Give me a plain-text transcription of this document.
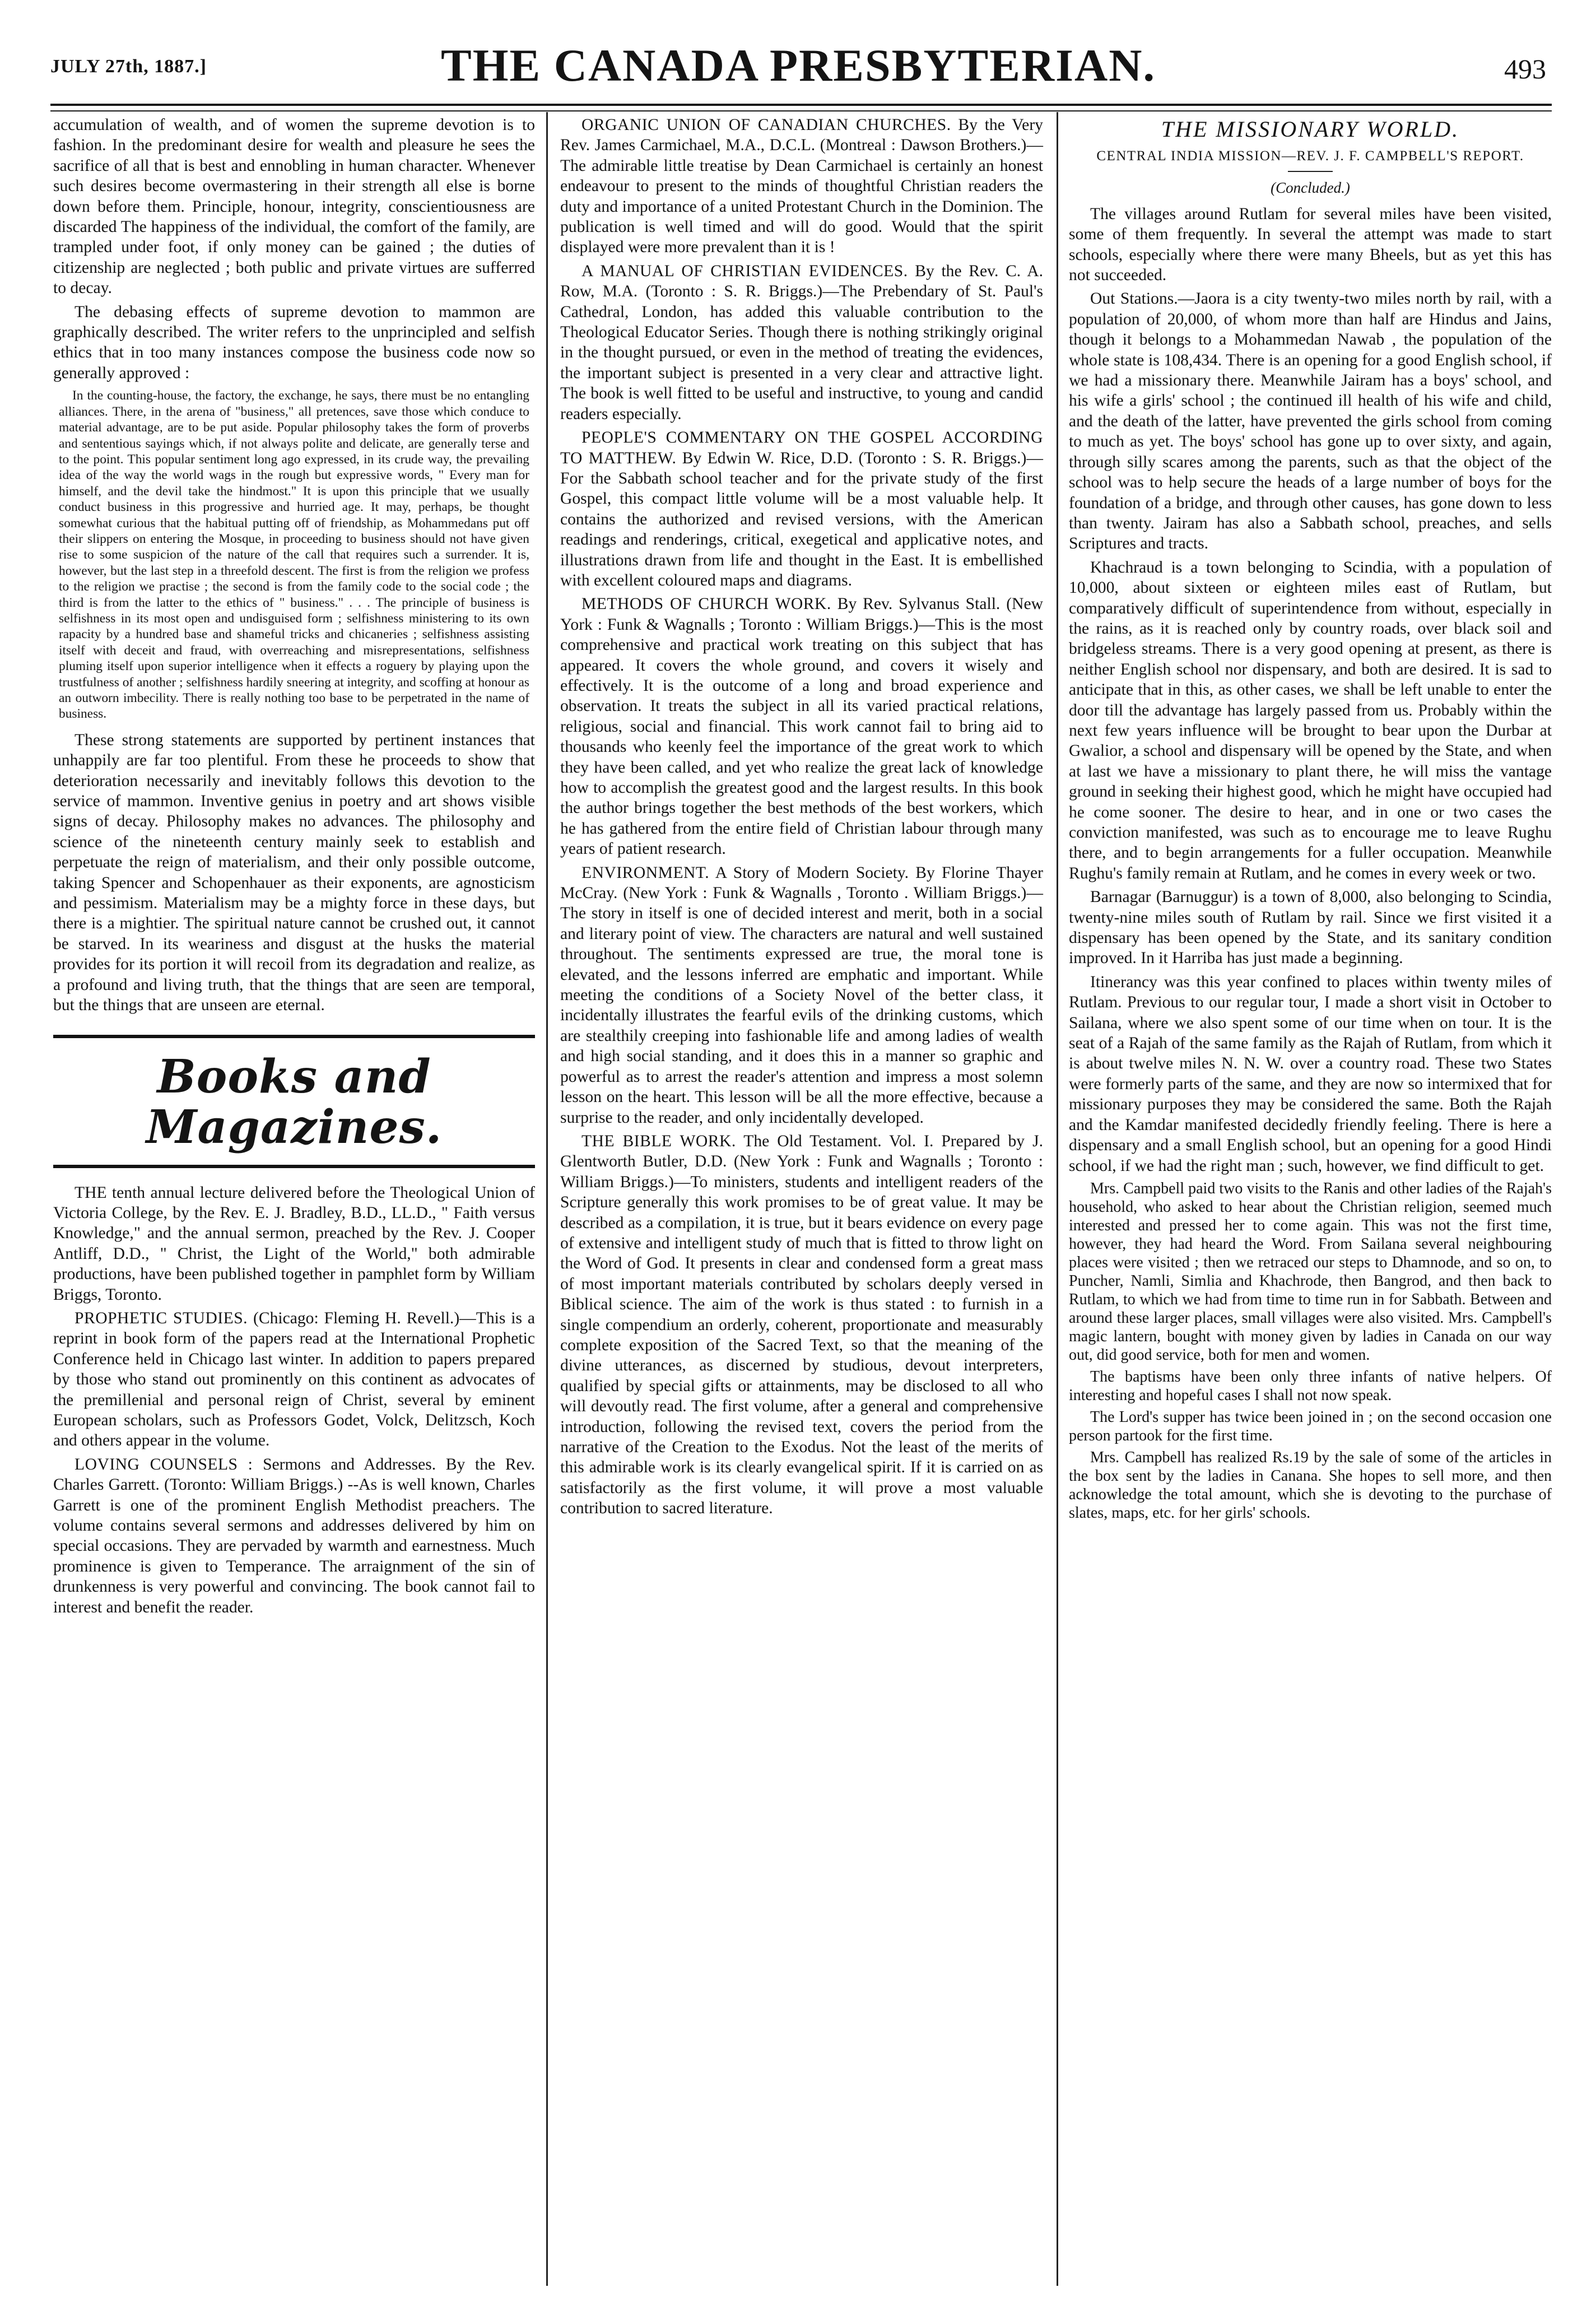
JULY 27th, 1887.]	THE CANADA PRESBYTERIAN.	493

accumulation of wealth, and of women the supreme devotion is to fashion. In the predominant desire for wealth and pleasure he sees the sacrifice of all that is best and ennobling in human character. Whenever such desires become overmastering in their strength all else is borne down before them. Principle, honour, integrity, conscientiousness are discarded The happiness of the individual, the comfort of the family, are trampled under foot, if only money can be gained ; the duties of citizenship are neglected ; both public and private virtues are sufferred to decay.

The debasing effects of supreme devotion to mammon are graphically described. The writer refers to the unprincipled and selfish ethics that in too many instances compose the business code now so generally approved :

In the counting-house, the factory, the exchange, he says, there must be no entangling alliances. There, in the arena of "business," all pretences, save those which conduce to material advantage, are to be put aside. Popular philosophy takes the form of proverbs and sententious sayings which, if not always polite and delicate, are generally terse and to the point. This popular sentiment long ago expressed, in its crude way, the prevailing idea of the way the world wags in the rough but expressive words, " Every man for himself, and the devil take the hindmost." It is upon this principle that we usually conduct business in this progressive and hurried age. It may, perhaps, be thought somewhat curious that the habitual putting off of friendship, as Mohammedans put off their slippers on entering the Mosque, in proceeding to business should not have given rise to some suspicion of the nature of the call that requires such a surrender. It is, however, but the last step in a threefold descent. The first is from the religion we profess to the religion we practise ; the second is from the family code to the social code ; the third is from the latter to the ethics of " business." . . . The principle of business is selfishness in its most open and undisguised form ; selfishness ministering to its own rapacity by a hundred base and shameful tricks and chicaneries ; selfishness assisting itself with deceit and fraud, with overreaching and misrepresentations, selfishness pluming itself upon superior intelligence when it effects a roguery by playing upon the trustfulness of another ; selfishness hardily sneering at integrity, and scoffing at honour as an outworn imbecility. There is really nothing too base to be perpetrated in the name of business.

These strong statements are supported by pertinent instances that unhappily are far too plentiful. From these he proceeds to show that deterioration necessarily and inevitably follows this devotion to the service of mammon. Inventive genius in poetry and art shows visible signs of decay. Philosophy makes no advances. The philosophy and science of the nineteenth century mainly seek to establish and perpetuate the reign of materialism, and their only possible outcome, taking Spencer and Schopenhauer as their exponents, are agnosticism and pessimism. Materialism may be a mighty force in these days, but there is a mightier. The spiritual nature cannot be crushed out, it cannot be starved. In its weariness and disgust at the husks the material provides for its portion it will recoil from its degradation and realize, as a profound and living truth, that the things that are seen are temporal, but the things that are unseen are eternal.

Books and Magazines.

THE tenth annual lecture delivered before the Theological Union of Victoria College, by the Rev. E. J. Bradley, B.D., LL.D., " Faith versus Knowledge," and the annual sermon, preached by the Rev. J. Cooper Antliff, D.D., " Christ, the Light of the World," both admirable productions, have been published together in pamphlet form by William Briggs, Toronto.

PROPHETIC STUDIES. (Chicago: Fleming H. Revell.)—This is a reprint in book form of the papers read at the International Prophetic Conference held in Chicago last winter. In addition to papers prepared by those who stand out prominently on this continent as advocates of the premillenial and personal reign of Christ, several by eminent European scholars, such as Professors Godet, Volck, Delitzsch, Koch and others appear in the volume.

LOVING COUNSELS : Sermons and Addresses. By the Rev. Charles Garrett. (Toronto: William Briggs.) --As is well known, Charles Garrett is one of the prominent English Methodist preachers. The volume contains several sermons and addresses delivered by him on special occasions. They are pervaded by warmth and earnestness. Much prominence is given to Temperance. The arraignment of the sin of drunkenness is very powerful and convincing. The book cannot fail to interest and benefit the reader.

ORGANIC UNION OF CANADIAN CHURCHES. By the Very Rev. James Carmichael, M.A., D.C.L. (Montreal : Dawson Brothers.)—The admirable little treatise by Dean Carmichael is certainly an honest endeavour to present to the minds of thoughtful Christian readers the duty and importance of a united Protestant Church in the Dominion. The publication is well timed and will do good. Would that the spirit displayed were more prevalent than it is !

A MANUAL OF CHRISTIAN EVIDENCES. By the Rev. C. A. Row, M.A. (Toronto : S. R. Briggs.)—The Prebendary of St. Paul's Cathedral, London, has added this valuable contribution to the Theological Educator Series. Though there is nothing strikingly original in the thought pursued, or even in the method of treating the evidences, the important subject is presented in a very clear and attractive light. The book is well fitted to be useful and instructive, to young and candid readers especially.

PEOPLE'S COMMENTARY ON THE GOSPEL ACCORDING TO MATTHEW. By Edwin W. Rice, D.D. (Toronto : S. R. Briggs.)—For the Sabbath school teacher and for the private study of the first Gospel, this compact little volume will be a most valuable help. It contains the authorized and revised versions, with the American readings and renderings, critical, exegetical and applicative notes, and illustrations drawn from life and thought in the East. It is embellished with excellent coloured maps and diagrams.

METHODS OF CHURCH WORK. By Rev. Sylvanus Stall. (New York : Funk & Wagnalls ; Toronto : William Briggs.)—This is the most comprehensive and practical work treating on this subject that has appeared. It covers the whole ground, and covers it wisely and effectively. It is the outcome of a long and broad experience and observation. It treats the subject in all its varied practical relations, religious, social and financial. This work cannot fail to bring aid to thousands who keenly feel the importance of the great work to which they have been called, and yet who realize the great lack of knowledge how to accomplish the greatest good and the largest results. In this book the author brings together the best methods of the best workers, which he has gathered from the entire field of Christian labour through many years of patient research.

ENVIRONMENT. A Story of Modern Society. By Florine Thayer McCray. (New York : Funk & Wagnalls , Toronto . William Briggs.)—The story in itself is one of decided interest and merit, both in a social and literary point of view. The characters are natural and well sustained throughout. The sentiments expressed are true, the moral tone is elevated, and the lessons inferred are emphatic and important. While meeting the conditions of a Society Novel of the better class, it incidentally illustrates the fearful evils of the drinking customs, which are stealthily creeping into fashionable life and among ladies of wealth and high social standing, and it does this in a manner so graphic and powerful as to arrest the reader's attention and impress a most solemn lesson on the heart. This lesson will be all the more effective, because a surprise to the reader, and only incidentally developed.

THE BIBLE WORK. The Old Testament. Vol. I. Prepared by J. Glentworth Butler, D.D. (New York : Funk and Wagnalls ; Toronto : William Briggs.)—To ministers, students and intelligent readers of the Scripture generally this work promises to be of great value. It may be described as a compilation, it is true, but it bears evidence on every page of extensive and intelligent study of much that is fitted to throw light on the Word of God. It presents in clear and condensed form a great mass of most important materials contributed by scholars deeply versed in Biblical science. The aim of the work is thus stated : to furnish in a single compendium an orderly, coherent, proportionate and measurably complete exposition of the Sacred Text, so that the meaning of the divine utterances, as discerned by studious, devout interpreters, qualified by special gifts or attainments, may be disclosed to all who will devoutly read. The first volume, after a general and comprehensive introduction, following the revised text, covers the period from the narrative of the Creation to the Exodus. Not the least of the merits of this admirable work is its clearly evangelical spirit. If it is carried on as satisfactorily as the first volume, it will prove a most valuable contribution to sacred literature.

THE MISSIONARY WORLD.
CENTRAL INDIA MISSION—REV. J. F. CAMPBELL'S REPORT.
(Concluded.)

The villages around Rutlam for several miles have been visited, some of them frequently. In several the attempt was made to start schools, especially where there were many Bheels, but as yet this has not succeeded.

Out Stations.—Jaora is a city twenty-two miles north by rail, with a population of 20,000, of whom more than half are Hindus and Jains, though it belongs to a Mohammedan Nawab , the population of the whole state is 108,434. There is an opening for a good English school, if we had a missionary there. Meanwhile Jairam has a boys' school, and his wife a girls' school ; the continued ill health of his wife and child, and the death of the latter, have prevented the girls school from coming to much as yet. The boys' school has gone up to over sixty, and again, through silly scares among the parents, such as that the object of the school was to help secure the heads of a large number of boys for the foundation of a bridge, and through other causes, has gone down to less than twenty. Jairam has also a Sabbath school, preaches, and sells Scriptures and tracts.

Khachraud is a town belonging to Scindia, with a population of 10,000, about sixteen or eighteen miles east of Rutlam, but comparatively difficult of superintendence from without, especially in the rains, as it is reached only by country roads, over black soil and bridgeless streams. There is a very good opening at present, as there is neither English school nor dispensary, and both are desired. It is sad to anticipate that in this, as other cases, we shall be left unable to enter the door till the advantage has largely passed from us. Probably within the next few years influence will be brought to bear upon the Durbar at Gwalior, a school and dispensary will be opened by the State, and when at last we have a missionary to plant there, he will miss the vantage ground in seeking their highest good, which he might have occupied had he come sooner. The desire to hear, and in one or two cases the conviction manifested, was such as to encourage me to leave Rughu there, and to begin arrangements for a fuller occupation. Meanwhile Rughu's family remain at Rutlam, and he comes in every week or two.

Barnagar (Barnuggur) is a town of 8,000, also belonging to Scindia, twenty-nine miles south of Rutlam by rail. Since we first visited it a dispensary has been opened by the State, and its sanitary condition improved. In it Harriba has just made a beginning.

Itinerancy was this year confined to places within twenty miles of Rutlam. Previous to our regular tour, I made a short visit in October to Sailana, where we also spent some of our time when on tour. It is the seat of a Rajah of the same family as the Rajah of Rutlam, from which it is about twelve miles N. N. W. over a country road. These two States were formerly parts of the same, and they are now so intermixed that for missionary purposes they may be considered the same. Both the Rajah and the Kamdar manifested decidedly friendly feeling. There is here a dispensary and a small English school, but an opening for a good Hindi school, if we had the right man ; such, however, we find difficult to get.

Mrs. Campbell paid two visits to the Ranis and other ladies of the Rajah's household, who asked to hear about the Christian religion, seemed much interested and pressed her to come again. This was not the first time, however, they had heard the Word. From Sailana several neighbouring places were visited ; then we retraced our steps to Dhamnode, and so on, to Puncher, Namli, Simlia and Khachrode, then Bangrod, and then back to Rutlam, to which we had from time to time run in for Sabbath. Between and around these larger places, small villages were also visited. Mrs. Campbell's magic lantern, bought with money given by ladies in Canada on our way out, did good service, both for men and women.

The baptisms have been only three infants of native helpers. Of interesting and hopeful cases I shall not now speak.

The Lord's supper has twice been joined in ; on the second occasion one person partook for the first time.

Mrs. Campbell has realized Rs.19 by the sale of some of the articles in the box sent by the ladies in Canana. She hopes to sell more, and then acknowledge the total amount, which she is devoting to the purchase of slates, maps, etc. for her girls' schools.
